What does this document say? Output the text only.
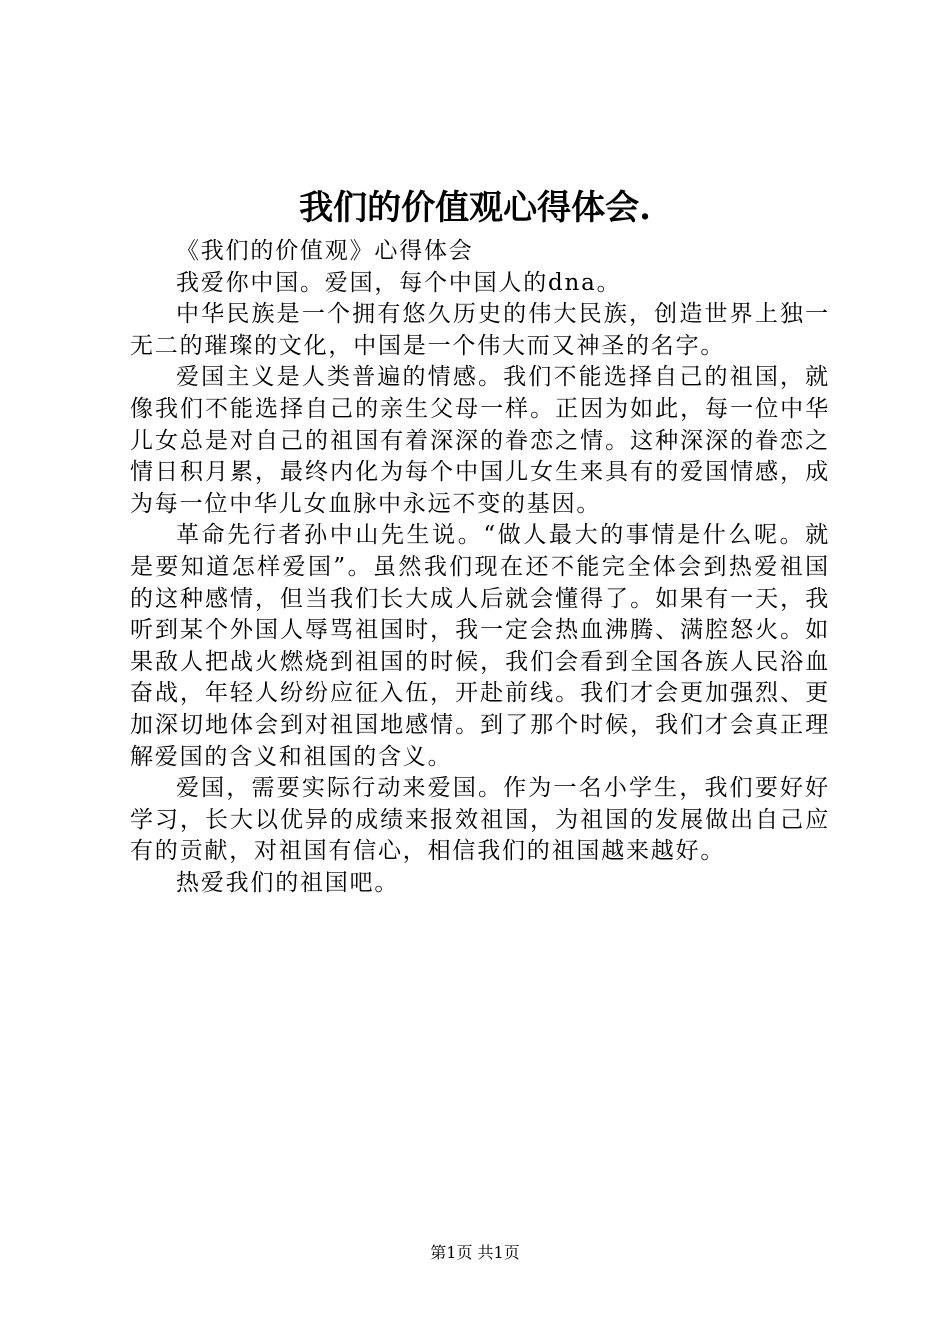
我们的价值观心得体会.

《我们的价值观》心得体会

我爱你中国。爱国，每个中国人的dna。

中华民族是一个拥有悠久历史的伟大民族，创造世界上独一无二的璀璨的文化，中国是一个伟大而又神圣的名字。

爱国主义是人类普遍的情感。我们不能选择自己的祖国，就像我们不能选择自己的亲生父母一样。正因为如此，每一位中华儿女总是对自己的祖国有着深深的眷恋之情。这种深深的眷恋之情日积月累，最终内化为每个中国儿女生来具有的爱国情感，成为每一位中华儿女血脉中永远不变的基因。

革命先行者孙中山先生说。“做人最大的事情是什么呢。就是要知道怎样爱国”。虽然我们现在还不能完全体会到热爱祖国的这种感情，但当我们长大成人后就会懂得了。如果有一天，我听到某个外国人辱骂祖国时，我一定会热血沸腾、满腔怒火。如果敌人把战火燃烧到祖国的时候，我们会看到全国各族人民浴血奋战，年轻人纷纷应征入伍，开赴前线。我们才会更加强烈、更加深切地体会到对祖国地感情。到了那个时候，我们才会真正理解爱国的含义和祖国的含义。

爱国，需要实际行动来爱国。作为一名小学生，我们要好好学习，长大以优异的成绩来报效祖国，为祖国的发展做出自己应有的贡献，对祖国有信心，相信我们的祖国越来越好。

热爱我们的祖国吧。

第1页 共1页
